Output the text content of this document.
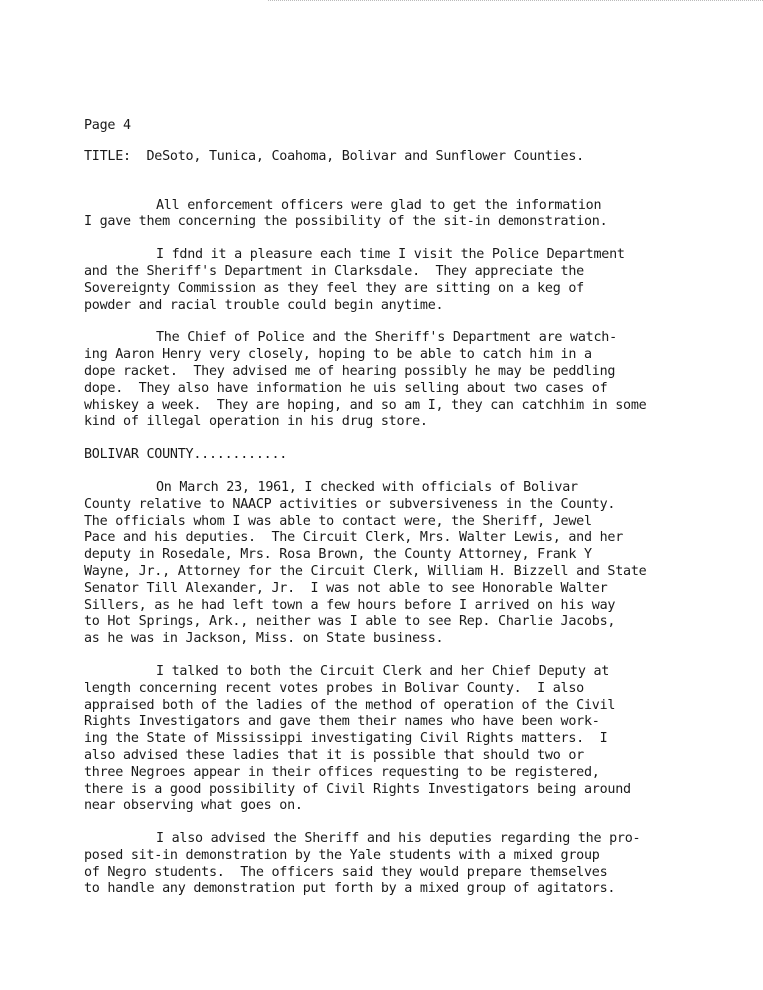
Page 4
TITLE:  DeSoto, Tunica, Coahoma, Bolivar and Sunflower Counties.
All enforcement officers were glad to get the information
I gave them concerning the possibility of the sit-in demonstration.
I fdnd it a pleasure each time I visit the Police Department
and the Sheriff's Department in Clarksdale.  They appreciate the
Sovereignty Commission as they feel they are sitting on a keg of
powder and racial trouble could begin anytime.
The Chief of Police and the Sheriff's Department are watch-
ing Aaron Henry very closely, hoping to be able to catch him in a
dope racket.  They advised me of hearing possibly he may be peddling
dope.  They also have information he uis selling about two cases of
whiskey a week.  They are hoping, and so am I, they can catchhim in some
kind of illegal operation in his drug store.
BOLIVAR COUNTY............
On March 23, 1961, I checked with officials of Bolivar
County relative to NAACP activities or subversiveness in the County.
The officials whom I was able to contact were, the Sheriff, Jewel
Pace and his deputies.  The Circuit Clerk, Mrs. Walter Lewis, and her
deputy in Rosedale, Mrs. Rosa Brown, the County Attorney, Frank Y
Wayne, Jr., Attorney for the Circuit Clerk, William H. Bizzell and State
Senator Till Alexander, Jr.  I was not able to see Honorable Walter
Sillers, as he had left town a few hours before I arrived on his way
to Hot Springs, Ark., neither was I able to see Rep. Charlie Jacobs,
as he was in Jackson, Miss. on State business.
I talked to both the Circuit Clerk and her Chief Deputy at
length concerning recent votes probes in Bolivar County.  I also
appraised both of the ladies of the method of operation of the Civil
Rights Investigators and gave them their names who have been work-
ing the State of Mississippi investigating Civil Rights matters.  I
also advised these ladies that it is possible that should two or
three Negroes appear in their offices requesting to be registered,
there is a good possibility of Civil Rights Investigators being around
near observing what goes on.
I also advised the Sheriff and his deputies regarding the pro-
posed sit-in demonstration by the Yale students with a mixed group
of Negro students.  The officers said they would prepare themselves
to handle any demonstration put forth by a mixed group of agitators.
